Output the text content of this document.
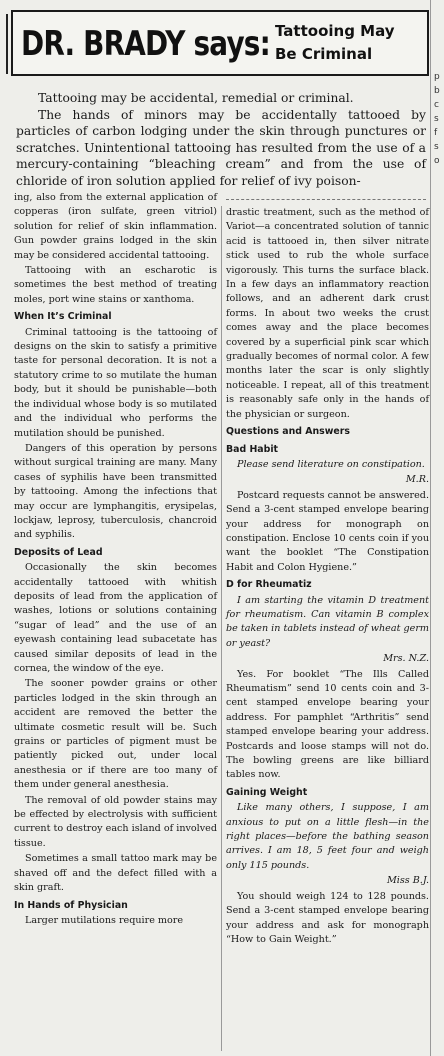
p
b
c
s
f
s
o
DR. BRADY says: Tattooing May
Be Criminal

Tattooing may be accidental, remedial or criminal.

The hands of minors may be accidentally tattooed by particles of carbon lodging under the skin through punctures or scratches. Unintentional tattooing has resulted from the use of a mercury-containing “bleaching cream” and from the use of chloride of iron solution applied for relief of ivy poison-

ing, also from the external application of copperas (iron sulfate, green vitriol) solution for relief of skin inflammation. Gun powder grains lodged in the skin may be considered accidental tattooing.

Tattooing with an escharotic is sometimes the best method of treating moles, port wine stains or xanthoma.

When It’s Criminal

Criminal tattooing is the tattooing of designs on the skin to satisfy a primitive taste for personal decoration. It is not a statutory crime to so mutilate the human body, but it should be punishable—both the individual whose body is so mutilated and the individual who performs the mutilation should be punished.

Dangers of this operation by persons without surgical training are many. Many cases of syphilis have been transmitted by tattooing. Among the infections that may occur are lymphangitis, erysipelas, lockjaw, leprosy, tuberculosis, chancroid and syphilis.

Deposits of Lead

Occasionally the skin becomes accidentally tattooed with whitish deposits of lead from the application of washes, lotions or solutions containing “sugar of lead” and the use of an eyewash containing lead subacetate has caused similar deposits of lead in the cornea, the window of the eye.

The sooner powder grains or other particles lodged in the skin through an accident are removed the better the ultimate cosmetic result will be. Such grains or particles of pigment must be patiently picked out, under local anesthesia or if there are too many of them under general anesthesia.

The removal of old powder stains may be effected by electrolysis with sufficient current to destroy each island of involved tissue.

Sometimes a small tattoo mark may be shaved off and the defect filled with a skin graft.

In Hands of Physician

Larger mutilations require more

drastic treatment, such as the method of Variot—a concentrated solution of tannic acid is tattooed in, then silver nitrate stick used to rub the whole surface vigorously. This turns the surface black. In a few days an inflammatory reaction follows, and an adherent dark crust forms. In about two weeks the crust comes away and the place becomes covered by a superficial pink scar which gradually becomes of normal color. A few months later the scar is only slightly noticeable. I repeat, all of this treatment is reasonably safe only in the hands of the physician or surgeon.

Questions and Answers

Bad Habit

Please send literature on constipation.

M.R.

Postcard requests cannot be answered. Send a 3-cent stamped envelope bearing your address for monograph on constipation. Enclose 10 cents coin if you want the booklet “The Constipation Habit and Colon Hygiene.”

D for Rheumatiz

I am starting the vitamin D treatment for rheumatism. Can vitamin B complex be taken in tablets instead of wheat germ or yeast?

Mrs. N.Z.

Yes. For booklet “The Ills Called Rheumatism” send 10 cents coin and 3-cent stamped envelope bearing your address. For pamphlet “Arthritis” send stamped envelope bearing your address. Postcards and loose stamps will not do. The bowling greens are like billiard tables now.

Gaining Weight

Like many others, I suppose, I am anxious to put on a little flesh—in the right places—before the bathing season arrives. I am 18, 5 feet four and weigh only 115 pounds.

Miss B.J.

You should weigh 124 to 128 pounds. Send a 3-cent stamped envelope bearing your address and ask for monograph “How to Gain Weight.”
